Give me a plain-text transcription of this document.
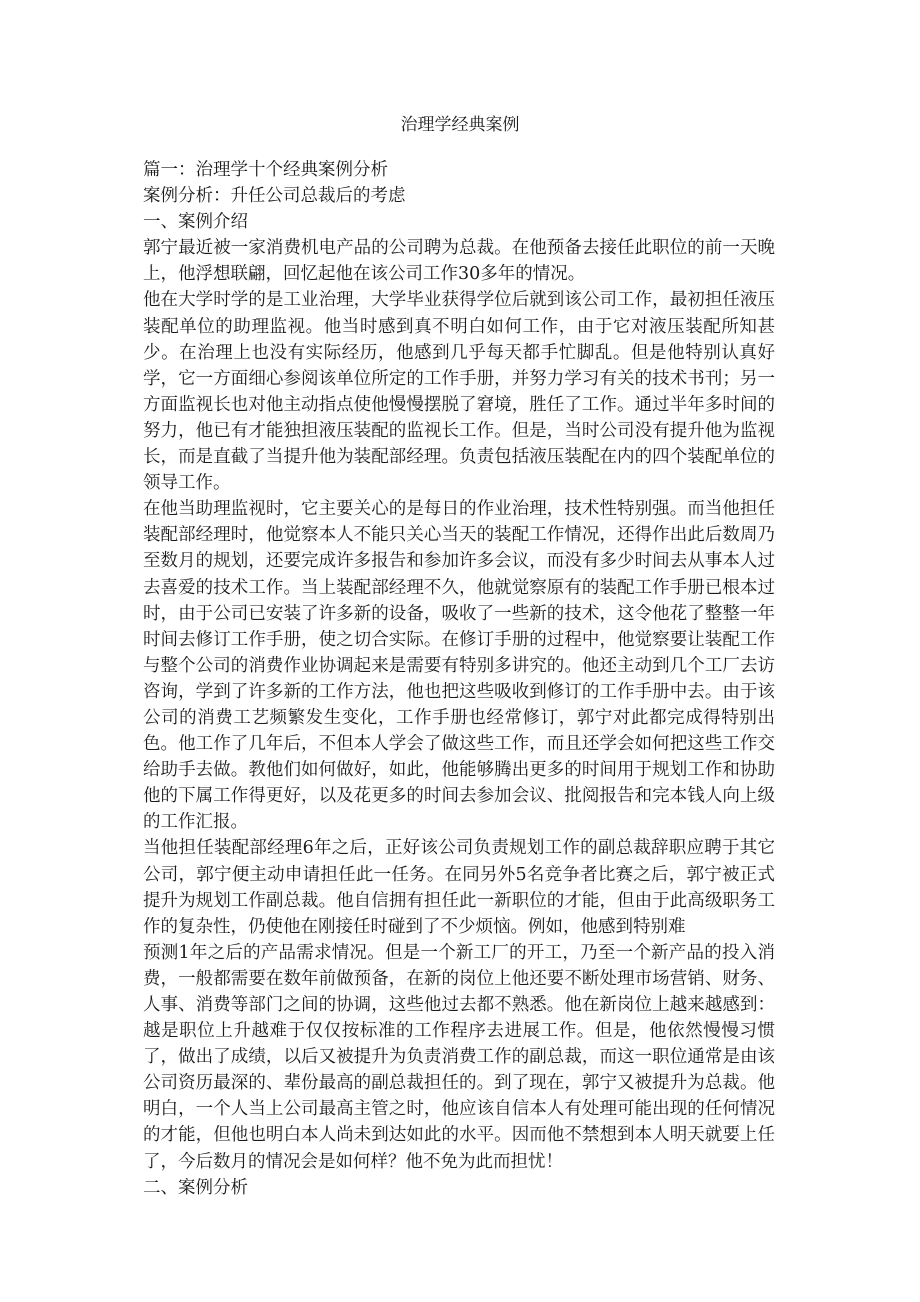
治理学经典案例

篇一：治理学十个经典案例分析

案例分析：升任公司总裁后的考虑

一、案例介绍

郭宁最近被一家消费机电产品的公司聘为总裁。在他预备去接任此职位的前一天晚上，他浮想联翩，回忆起他在该公司工作30多年的情况。

他在大学时学的是工业治理，大学毕业获得学位后就到该公司工作，最初担任液压装配单位的助理监视。他当时感到真不明白如何工作，由于它对液压装配所知甚少。在治理上也没有实际经历，他感到几乎每天都手忙脚乱。但是他特别认真好学，它一方面细心参阅该单位所定的工作手册，并努力学习有关的技术书刊；另一方面监视长也对他主动指点使他慢慢摆脱了窘境，胜任了工作。通过半年多时间的努力，他已有才能独担液压装配的监视长工作。但是，当时公司没有提升他为监视长，而是直截了当提升他为装配部经理。负责包括液压装配在内的四个装配单位的领导工作。

在他当助理监视时，它主要关心的是每日的作业治理，技术性特别强。而当他担任装配部经理时，他觉察本人不能只关心当天的装配工作情况，还得作出此后数周乃至数月的规划，还要完成许多报告和参加许多会议，而没有多少时间去从事本人过去喜爱的技术工作。当上装配部经理不久，他就觉察原有的装配工作手册已根本过时，由于公司已安装了许多新的设备，吸收了一些新的技术，这令他花了整整一年时间去修订工作手册，使之切合实际。在修订手册的过程中，他觉察要让装配工作与整个公司的消费作业协调起来是需要有特别多讲究的。他还主动到几个工厂去访咨询，学到了许多新的工作方法，他也把这些吸收到修订的工作手册中去。由于该公司的消费工艺频繁发生变化，工作手册也经常修订，郭宁对此都完成得特别出色。他工作了几年后，不但本人学会了做这些工作，而且还学会如何把这些工作交给助手去做。教他们如何做好，如此，他能够腾出更多的时间用于规划工作和协助他的下属工作得更好，以及花更多的时间去参加会议、批阅报告和完本钱人向上级的工作汇报。

当他担任装配部经理6年之后，正好该公司负责规划工作的副总裁辞职应聘于其它公司，郭宁便主动申请担任此一任务。在同另外5名竞争者比赛之后，郭宁被正式提升为规划工作副总裁。他自信拥有担任此一新职位的才能，但由于此高级职务工作的复杂性，仍使他在刚接任时碰到了不少烦恼。例如，他感到特别难

预测1年之后的产品需求情况。但是一个新工厂的开工，乃至一个新产品的投入消费，一般都需要在数年前做预备，在新的岗位上他还要不断处理市场营销、财务、人事、消费等部门之间的协调，这些他过去都不熟悉。他在新岗位上越来越感到：越是职位上升越难于仅仅按标准的工作程序去进展工作。但是，他依然慢慢习惯了，做出了成绩，以后又被提升为负责消费工作的副总裁，而这一职位通常是由该公司资历最深的、辈份最高的副总裁担任的。到了现在，郭宁又被提升为总裁。他明白，一个人当上公司最高主管之时，他应该自信本人有处理可能出现的任何情况的才能，但他也明白本人尚未到达如此的水平。因而他不禁想到本人明天就要上任了，今后数月的情况会是如何样？他不免为此而担忧！

二、案例分析
